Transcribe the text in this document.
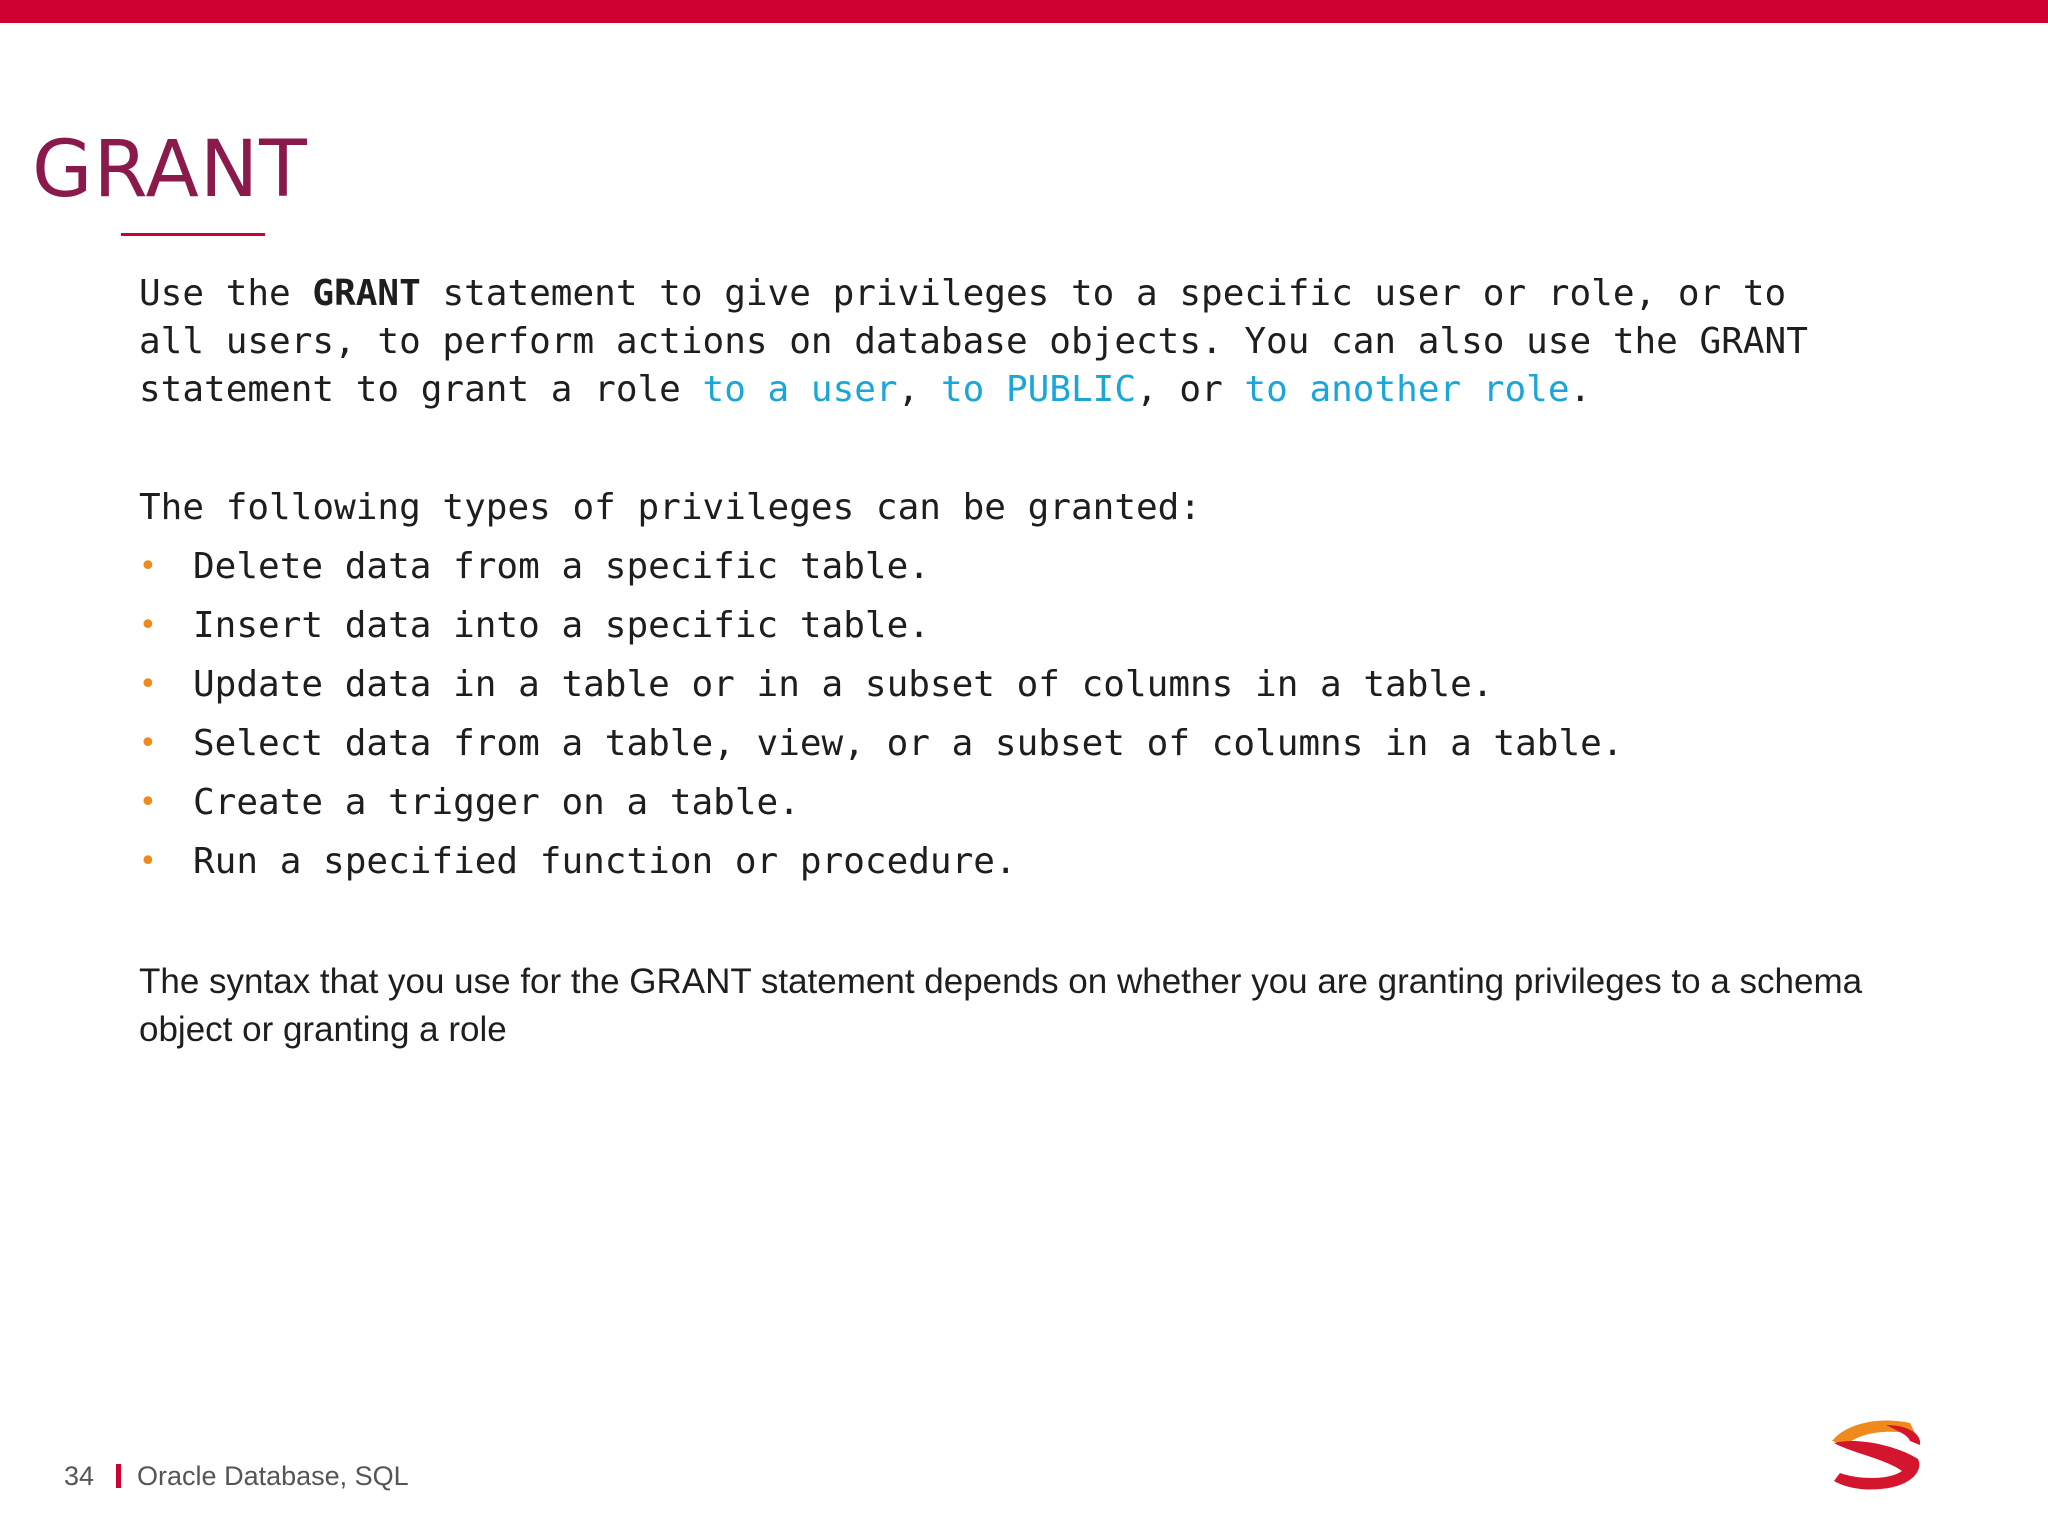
GRANT

Use the GRANT statement to give privileges to a specific user or role, or to
all users, to perform actions on database objects. You can also use the GRANT
statement to grant a role to a user, to PUBLIC, or to another role.

The following types of privileges can be granted:

• Delete data from a specific table.
• Insert data into a specific table.
• Update data in a table or in a subset of columns in a table.
• Select data from a table, view, or a subset of columns in a table.
• Create a trigger on a table.
• Run a specified function or procedure.

The syntax that you use for the GRANT statement depends on whether you are granting privileges to a schema object or granting a role

34 Oracle Database, SQL
